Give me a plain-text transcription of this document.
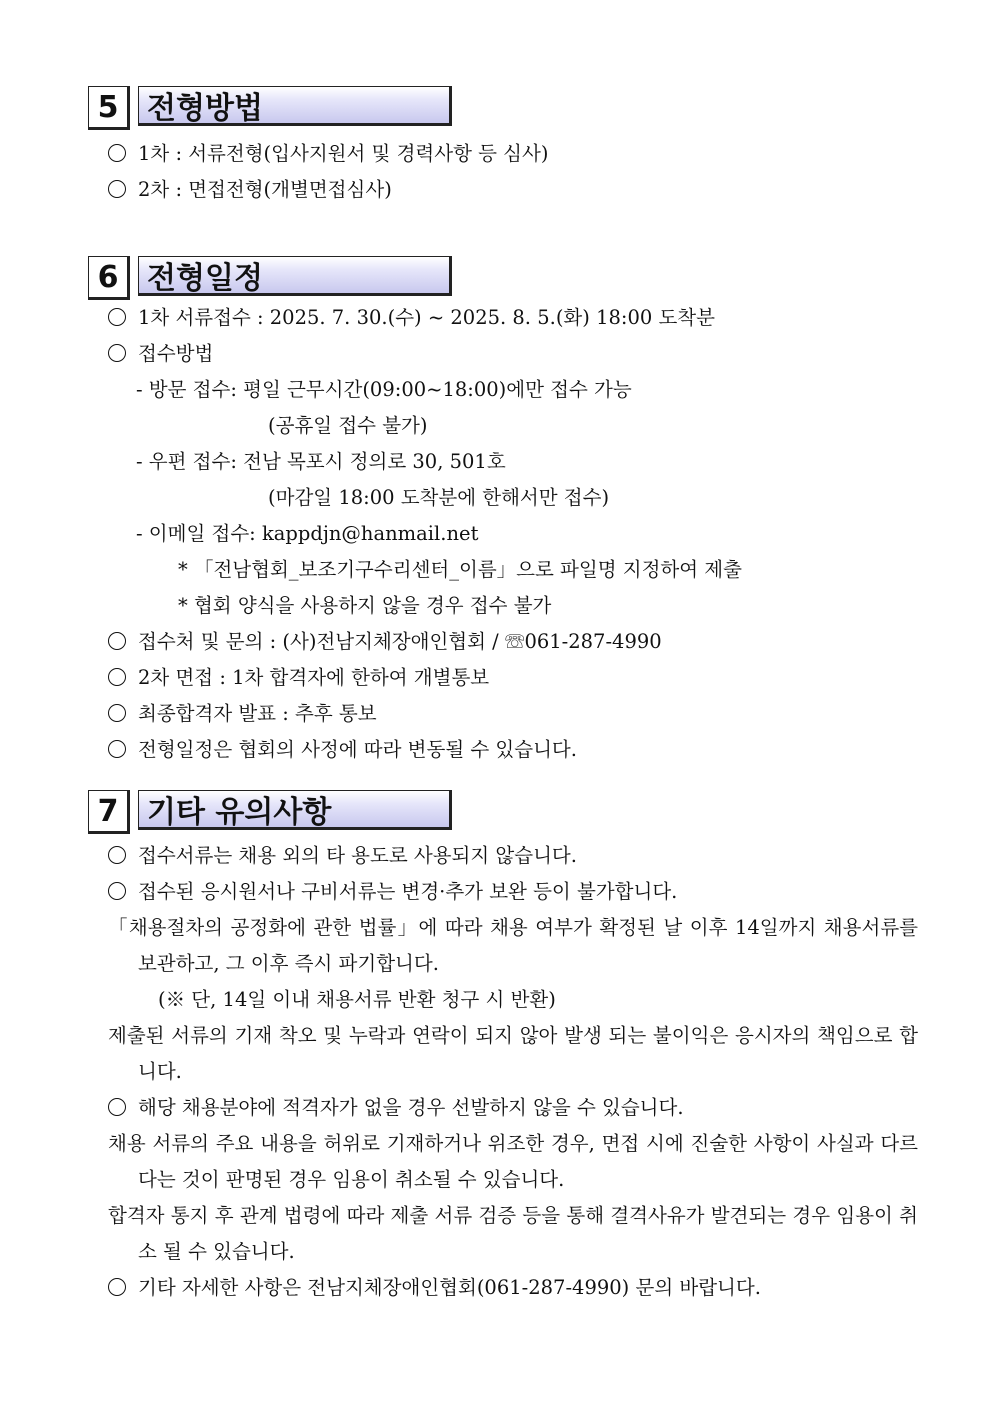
5 전형방법
1차 : 서류전형(입사지원서 및 경력사항 등 심사)
2차 : 면접전형(개별면접심사)
6 전형일정
1차 서류접수 : 2025. 7. 30.(수) ~ 2025. 8. 5.(화) 18:00 도착분
접수방법
- 방문 접수: 평일 근무시간(09:00~18:00)에만 접수 가능
(공휴일 접수 불가)
- 우편 접수: 전남 목포시 정의로 30, 501호
(마감일 18:00 도착분에 한해서만 접수)
- 이메일 접수: kappdjn@hanmail.net
* 「전남협회_보조기구수리센터_이름」으로 파일명 지정하여 제출
* 협회 양식을 사용하지 않을 경우 접수 불가
접수처 및 문의 : (사)전남지체장애인협회 / ☏061-287-4990
2차 면접 : 1차 합격자에 한하여 개별통보
최종합격자 발표 : 추후 통보
전형일정은 협회의 사정에 따라 변동될 수 있습니다.
7 기타 유의사항
접수서류는 채용 외의 타 용도로 사용되지 않습니다.
접수된 응시원서나 구비서류는 변경·추가 보완 등이 불가합니다.
「채용절차의 공정화에 관한 법률」에 따라 채용 여부가 확정된 날 이후 14일까지 채용서류를 보관하고, 그 이후 즉시 파기합니다.
(※ 단, 14일 이내 채용서류 반환 청구 시 반환)
제출된 서류의 기재 착오 및 누락과 연락이 되지 않아 발생 되는 불이익은 응시자의 책임으로 합니다.
해당 채용분야에 적격자가 없을 경우 선발하지 않을 수 있습니다.
채용 서류의 주요 내용을 허위로 기재하거나 위조한 경우, 면접 시에 진술한 사항이 사실과 다르다는 것이 판명된 경우 임용이 취소될 수 있습니다.
합격자 통지 후 관계 법령에 따라 제출 서류 검증 등을 통해 결격사유가 발견되는 경우 임용이 취소 될 수 있습니다.
기타 자세한 사항은 전남지체장애인협회(061-287-4990) 문의 바랍니다.
